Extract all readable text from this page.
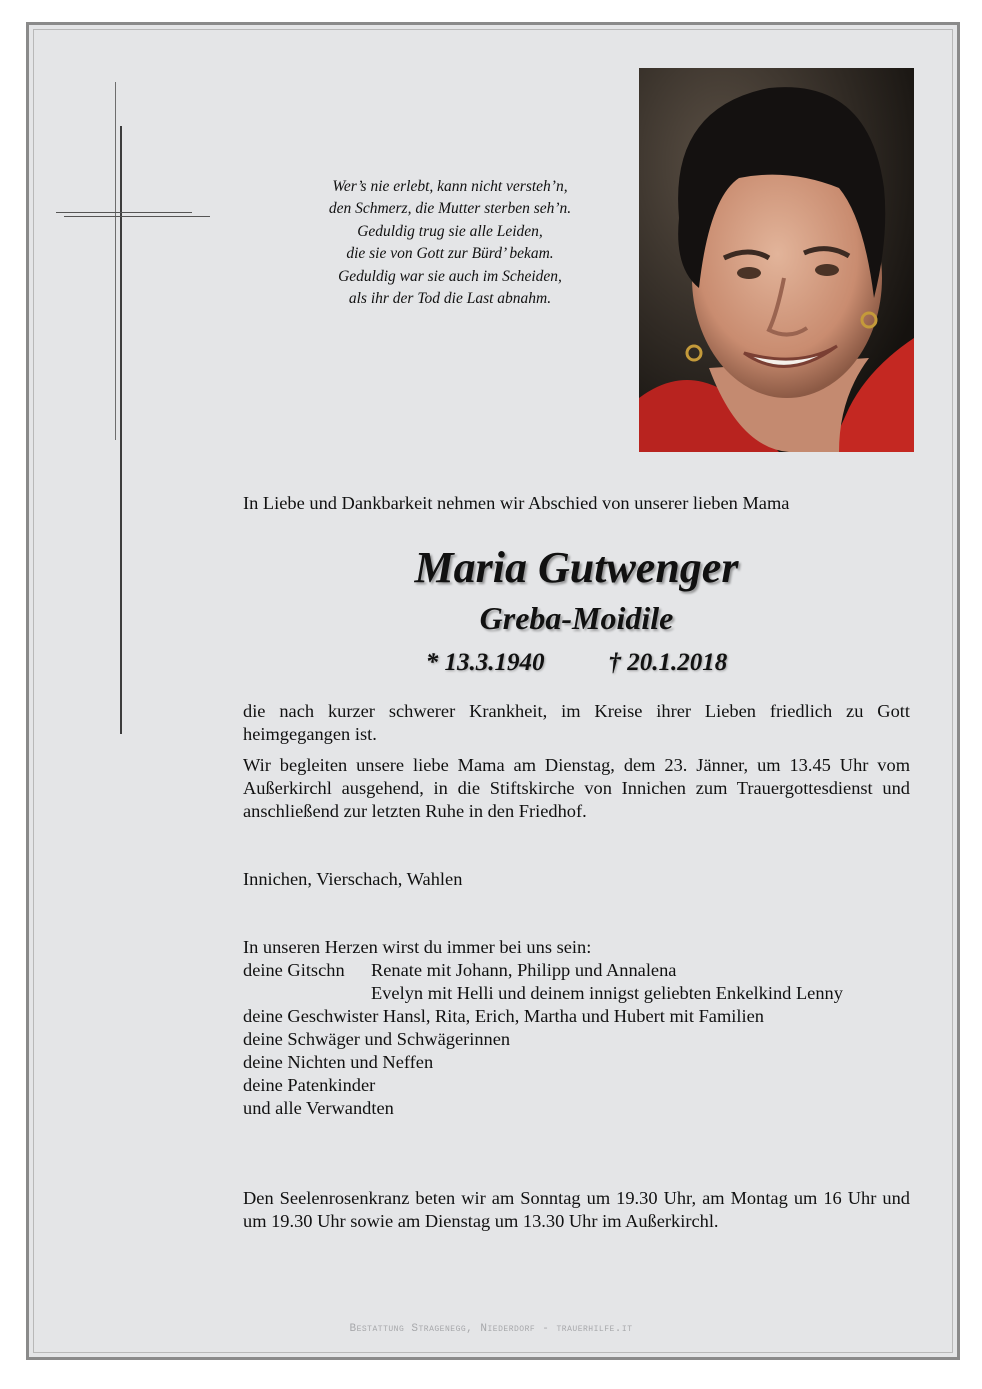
Wer’s nie erlebt, kann nicht versteh’n,
den Schmerz, die Mutter sterben seh’n.
Geduldig trug sie alle Leiden,
die sie von Gott zur Bürd’ bekam.
Geduldig war sie auch im Scheiden,
als ihr der Tod die Last abnahm.
In Liebe und Dankbarkeit nehmen wir Abschied von unserer lieben Mama
Maria Gutwenger
Greba-Moidile
* 13.3.1940	† 20.1.2018
die nach kurzer schwerer Krankheit, im Kreise ihrer Lieben friedlich zu Gott heimgegangen ist.
Wir begleiten unsere liebe Mama am Dienstag, dem 23. Jänner, um 13.45 Uhr vom Außerkirchl ausgehend, in die Stiftskirche von Innichen zum Trauergottesdienst und anschließend zur letzten Ruhe in den Friedhof.
Innichen, Vierschach, Wahlen
In unseren Herzen wirst du immer bei uns sein:
deine Gitschn	Renate mit Johann, Philipp und Annalena
Evelyn mit Helli und deinem innigst geliebten Enkelkind Lenny
deine Geschwister Hansl, Rita, Erich, Martha und Hubert mit Familien
deine Schwäger und Schwägerinnen
deine Nichten und Neffen
deine Patenkinder
und alle Verwandten
Den Seelenrosenkranz beten wir am Sonntag um 19.30 Uhr, am Montag um 16 Uhr und um 19.30 Uhr sowie am Dienstag um 13.30 Uhr im Außerkirchl.
Bestattung Stragenegg, Niederdorf - trauerhilfe.it
